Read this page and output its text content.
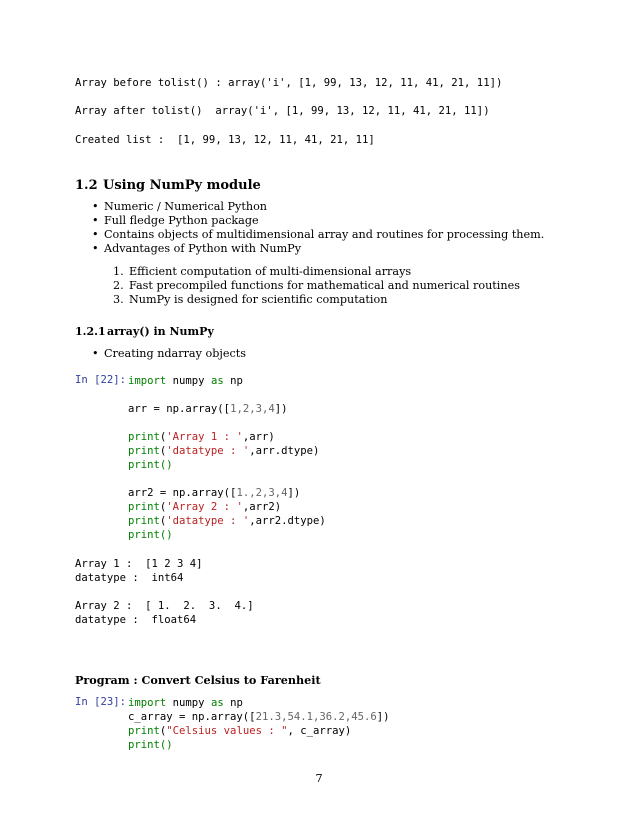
Array before tolist() : array('i', [1, 99, 13, 12, 11, 41, 21, 11])
Array after tolist()  array('i', [1, 99, 13, 12, 11, 41, 21, 11])
Created list :  [1, 99, 13, 12, 11, 41, 21, 11]
1.2 Using NumPy module
• Numeric / Numerical Python
• Full fledge Python package
• Contains objects of multidimensional array and routines for processing them.
• Advantages of Python with NumPy
1. Efficient computation of multi-dimensional arrays
2. Fast precompiled functions for mathematical and numerical routines
3. NumPy is designed for scientific computation
1.2.1array() in NumPy
• Creating ndarray objects
In [22]: import numpy as np
arr = np.array([1,2,3,4])
print('Array 1 : ',arr)
print('datatype : ',arr.dtype)
print()
arr2 = np.array([1.,2,3,4])
print('Array 2 : ',arr2)
print('datatype : ',arr2.dtype)
print()
Array 1 :  [1 2 3 4]
datatype :  int64
Array 2 :  [ 1.  2.  3.  4.]
datatype :  float64
Program : Convert Celsius to Farenheit
In [23]: import numpy as np
c_array = np.array([21.3,54.1,36.2,45.6])
print("Celsius values : ", c_array)
print()
7
